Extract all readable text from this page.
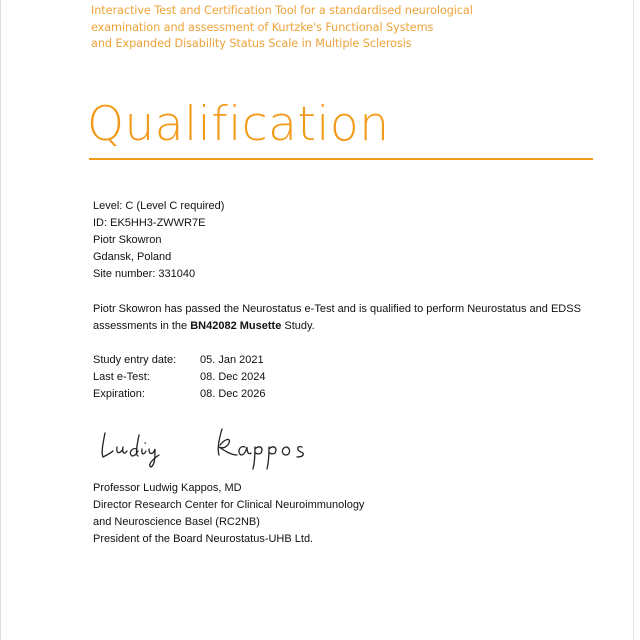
Interactive Test and Certification Tool for a standardised neurological
examination and assessment of Kurtzke's Functional Systems
and Expanded Disability Status Scale in Multiple Sclerosis
Qualification
Level: C (Level C required)
ID: EK5HH3-ZWWR7E
Piotr Skowron
Gdansk, Poland
Site number: 331040
Piotr Skowron has passed the Neurostatus e-Test and is qualified to perform Neurostatus and EDSS
assessments in the BN42082 Musette Study.
Study entry date:	05. Jan 2021
Last e-Test:	08. Dec 2024
Expiration:	08. Dec 2026
Professor Ludwig Kappos, MD
Director Research Center for Clinical Neuroimmunology
and Neuroscience Basel (RC2NB)
President of the Board Neurostatus-UHB Ltd.
